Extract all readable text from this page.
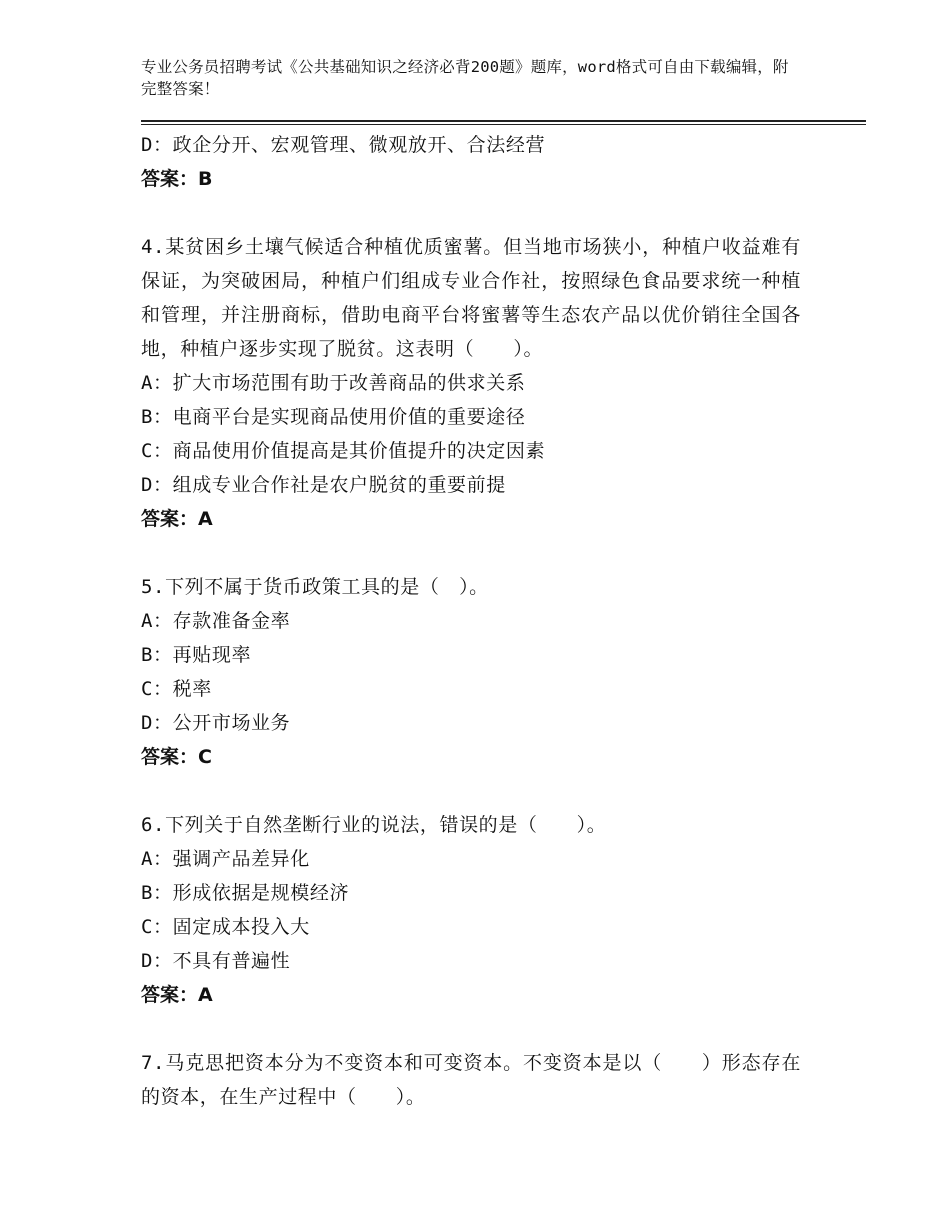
专业公务员招聘考试《公共基础知识之经济必背200题》题库，word格式可自由下载编辑，附完整答案！
D：政企分开、宏观管理、微观放开、合法经营
答案：B
4.某贫困乡土壤气候适合种植优质蜜薯。但当地市场狭小，种植户收益难有保证，为突破困局，种植户们组成专业合作社，按照绿色食品要求统一种植和管理，并注册商标，借助电商平台将蜜薯等生态农产品以优价销往全国各地，种植户逐步实现了脱贫。这表明（　　）。
A：扩大市场范围有助于改善商品的供求关系
B：电商平台是实现商品使用价值的重要途径
C：商品使用价值提高是其价值提升的决定因素
D：组成专业合作社是农户脱贫的重要前提
答案：A
5.下列不属于货币政策工具的是（　）。
A：存款准备金率
B：再贴现率
C：税率
D：公开市场业务
答案：C
6.下列关于自然垄断行业的说法，错误的是（　　）。
A：强调产品差异化
B：形成依据是规模经济
C：固定成本投入大
D：不具有普遍性
答案：A
7.马克思把资本分为不变资本和可变资本。不变资本是以（　　）形态存在的资本，在生产过程中（　　）。
